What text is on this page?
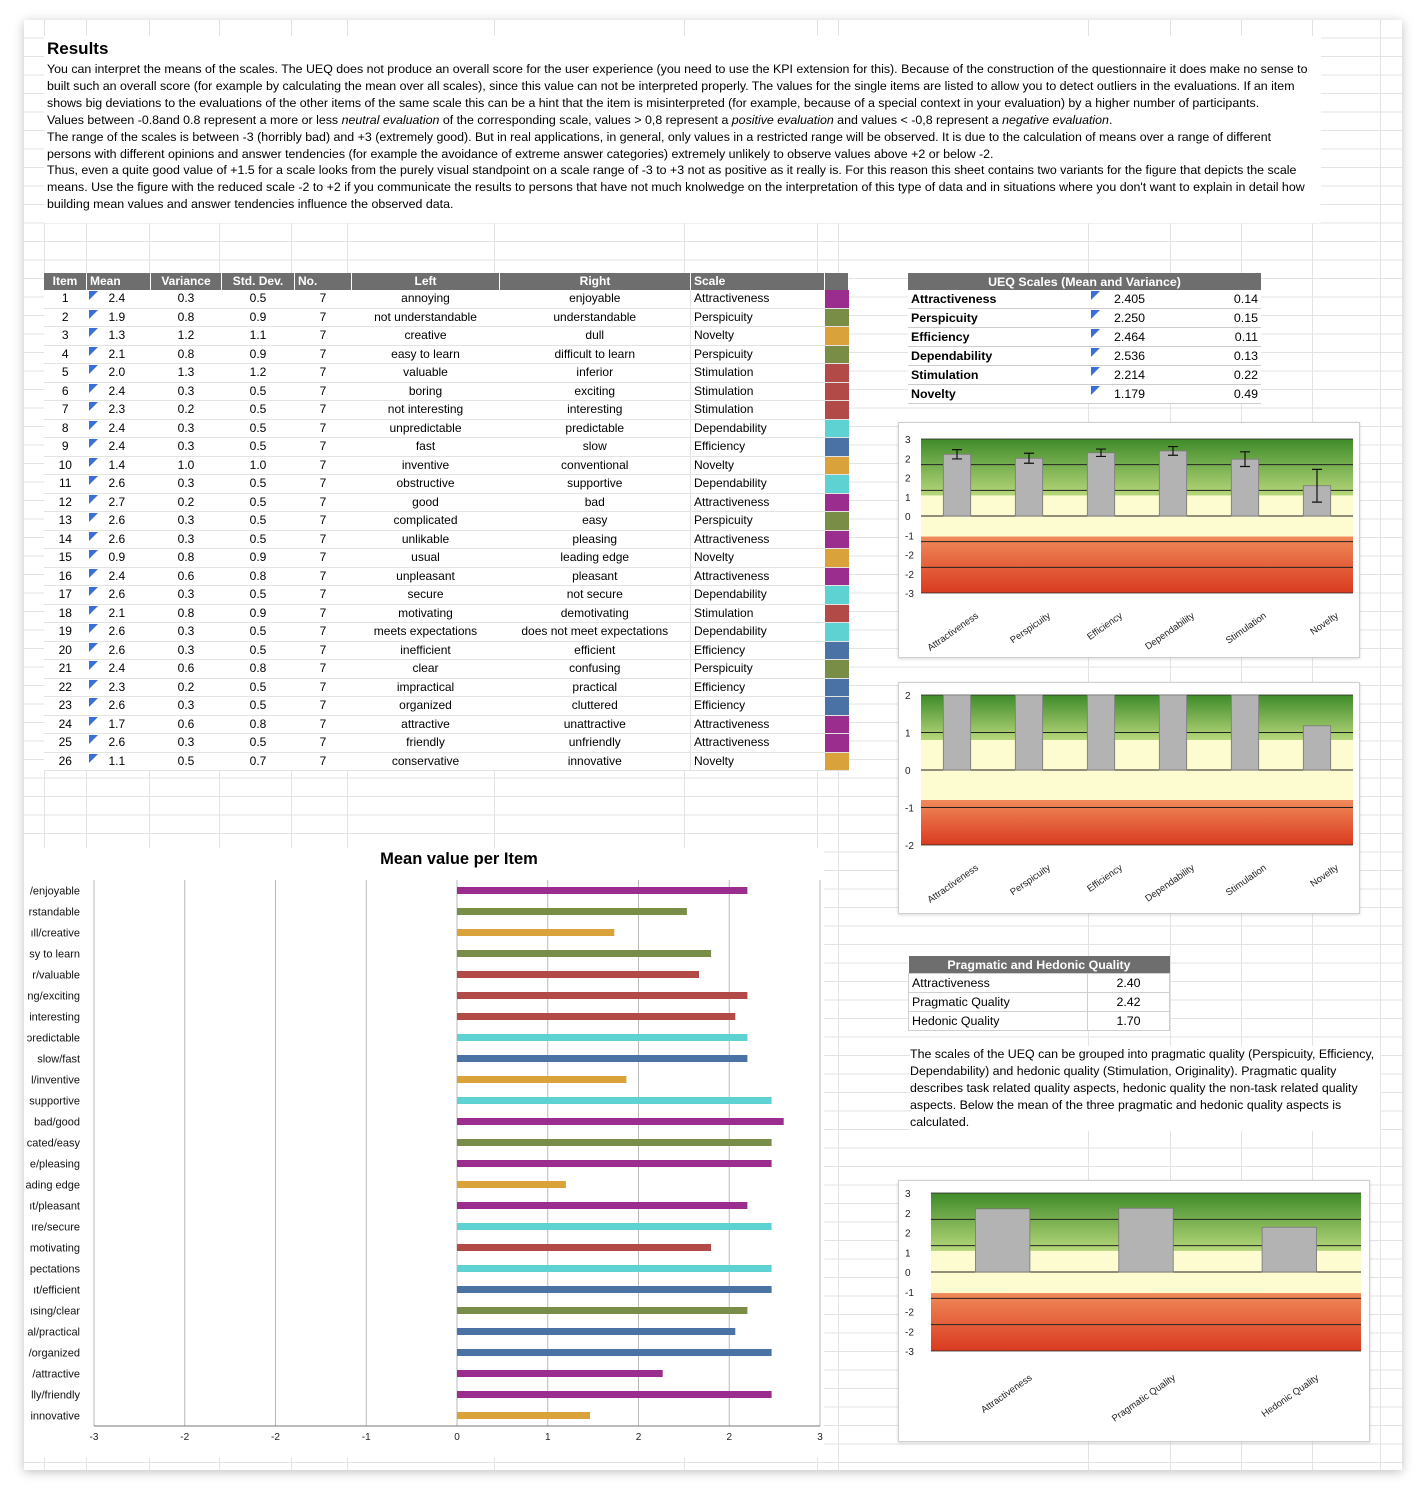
Results

You can interpret the means of the scales. The UEQ does not produce an overall score for the user experience (you need to use the KPI extension for this). Because of the construction of the questionnaire it does make no sense to built such an overall score (for example by calculating the mean over all scales), since this value can not be interpreted properly. The values for the single items are listed to allow you to detect outliers in the evaluations. If an item shows big deviations to the evaluations of the other items of the same scale this can be a hint that the item is misinterpreted (for example, because of a special context in your evaluation) by a higher number of participants.

Values between -0.8and 0.8 represent a more or less neutral evaluation of the corresponding scale, values > 0,8 represent a positive evaluation and values < -0,8 represent a negative evaluation.

The range of the scales is between -3 (horribly bad) and +3 (extremely good). But in real applications, in general, only values in a restricted range will be observed. It is due to the calculation of means over a range of different persons with different opinions and answer tendencies (for example the avoidance of extreme answer categories) extremely unlikely to observe values above +2 or below -2.

Thus, even a quite good value of +1.5 for a scale looks from the purely visual standpoint on a scale range of -3 to +3 not as positive as it really is. For this reason this sheet contains two variants for the figure that depicts the scale means. Use the figure with the reduced scale -2 to +2 if you communicate the results to persons that have not much knolwedge on the interpretation of this type of data and in situations where you don't want to explain in detail how building mean values and answer tendencies influence the observed data.

Item	Mean	Variance	Std. Dev.	No.	Left	Right	Scale	
1	2.4	0.3	0.5	7	annoying	enjoyable	Attractiveness	

2	1.9	0.8	0.9	7	not understandable	understandable	Perspicuity	

3	1.3	1.2	1.1	7	creative	dull	Novelty	

4	2.1	0.8	0.9	7	easy to learn	difficult to learn	Perspicuity	

5	2.0	1.3	1.2	7	valuable	inferior	Stimulation	

6	2.4	0.3	0.5	7	boring	exciting	Stimulation	

7	2.3	0.2	0.5	7	not interesting	interesting	Stimulation	

8	2.4	0.3	0.5	7	unpredictable	predictable	Dependability	

9	2.4	0.3	0.5	7	fast	slow	Efficiency	

10	1.4	1.0	1.0	7	inventive	conventional	Novelty	

11	2.6	0.3	0.5	7	obstructive	supportive	Dependability	

12	2.7	0.2	0.5	7	good	bad	Attractiveness	

13	2.6	0.3	0.5	7	complicated	easy	Perspicuity	

14	2.6	0.3	0.5	7	unlikable	pleasing	Attractiveness	

15	0.9	0.8	0.9	7	usual	leading edge	Novelty	

16	2.4	0.6	0.8	7	unpleasant	pleasant	Attractiveness	

17	2.6	0.3	0.5	7	secure	not secure	Dependability	

18	2.1	0.8	0.9	7	motivating	demotivating	Stimulation	

19	2.6	0.3	0.5	7	meets expectations	does not meet expectations	Dependability	

20	2.6	0.3	0.5	7	inefficient	efficient	Efficiency	

21	2.4	0.6	0.8	7	clear	confusing	Perspicuity	

22	2.3	0.2	0.5	7	impractical	practical	Efficiency	

23	2.6	0.3	0.5	7	organized	cluttered	Efficiency	

24	1.7	0.6	0.8	7	attractive	unattractive	Attractiveness	

25	2.6	0.3	0.5	7	friendly	unfriendly	Attractiveness	

26	1.1	0.5	0.7	7	conservative	innovative	Novelty	
UEQ Scales (Mean and Variance)		
Attractiveness	2.405	0.14
Perspicuity	2.250	0.15
Efficiency	2.464	0.11
Dependability	2.536	0.13
Stimulation	2.214	0.22
Novelty	1.179	0.49
3
2
2
1
0
-1
-2
-2
-3
Attractiveness	Perspicuity	Efficiency Dependability	Stimulation	Novelty
2
1
0
-1
-2
Attractiveness	Perspicuity	Efficiency Dependability	Stimulation	Novelty
Pragmatic and Hedonic Quality	
Attractiveness	2.40
Pragmatic Quality	2.42
Hedonic Quality	1.70
The scales of the UEQ can be grouped into pragmatic quality (Perspicuity, Efficiency, Dependability) and hedonic quality (Stimulation, Originality). Pragmatic quality describes task related quality aspects, hedonic quality the non-task related quality aspects. Below the mean of the three pragmatic and hedonic quality aspects is calculated.
3
2
2
1
0
-1
-2
-2
-3
Attractiveness	Pragmatic Quality	Hedonic Quality
Mean value per Item
-3	-2	-2	-1	0	1	2	2	3
/enjoyable
rstandable
ıll/creative
sy to learn
r/valuable
ng/exciting
interesting
ɔredictable
slow/fast
l/inventive
supportive
bad/good
cated/easy
e/pleasing
ading edge
ıt/pleasant
ıre/secure
motivating
pectations
ıt/efficient
ısing/clear
al/practical
/organized
/attractive
lly/friendly
innovative
